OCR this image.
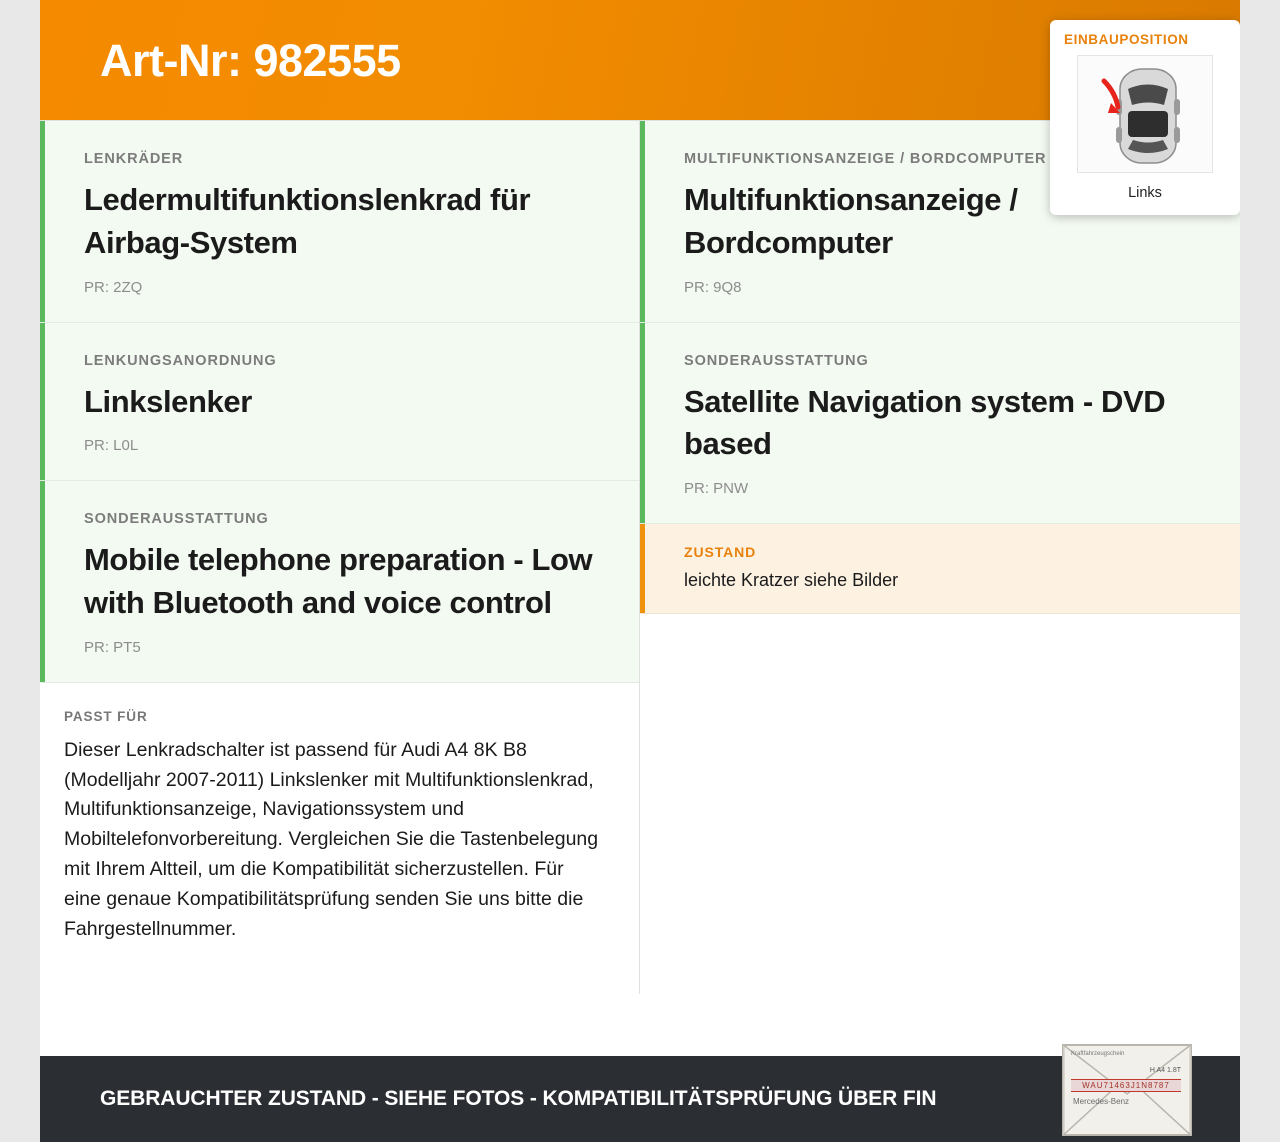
Art-Nr: 982555	EINBAUPOSITION
Links
LENKRÄDER
Ledermultifunktionslenkrad für Airbag-System
PR: 2ZQ
LENKUNGSANORDNUNG
Linkslenker
PR: L0L
SONDERAUSSTATTUNG
Mobile telephone preparation - Low with Bluetooth and voice control
PR: PT5
PASST FÜR
Dieser Lenkradschalter ist passend für Audi A4 8K B8 (Modelljahr 2007-2011) Linkslenker mit Multifunktionslenkrad, Multifunktionsanzeige, Navigationssystem und Mobiltelefonvorbereitung. Vergleichen Sie die Tastenbelegung mit Ihrem Altteil, um die Kompatibilität sicherzustellen. Für eine genaue Kompatibilitätsprüfung senden Sie uns bitte die Fahrgestellnummer.
MULTIFUNKTIONSANZEIGE / BORDCOMPUTER
Multifunktionsanzeige / Bordcomputer
PR: 9Q8
SONDERAUSSTATTUNG
Satellite Navigation system - DVD based
PR: PNW
ZUSTAND
leichte Kratzer siehe Bilder
GEBRAUCHTER ZUSTAND - SIEHE FOTOS - KOMPATIBILITÄTSPRÜFUNG ÜBER FIN
Kraftfahrzeugschein
H A4 1.8T
WAU71463J1N8787
Mercedes-Benz
